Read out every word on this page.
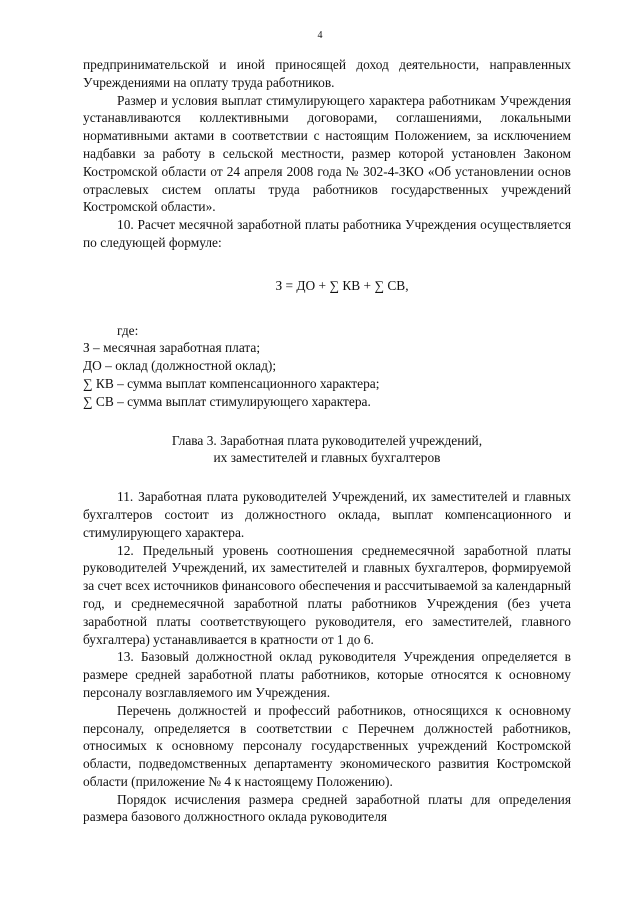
4

предпринимательской и иной приносящей доход деятельности, направленных Учреждениями на оплату труда работников.

Размер и условия выплат стимулирующего характера работникам Учреждения устанавливаются коллективными договорами, соглашениями, локальными нормативными актами в соответствии с настоящим Положением, за исключением надбавки за работу в сельской местности, размер которой установлен Законом Костромской области от 24 апреля 2008 года № 302-4-ЗКО «Об установлении основ отраслевых систем оплаты труда работников государственных учреждений Костромской области».

10. Расчет месячной заработной платы работника Учреждения осуществляется по следующей формуле:

З = ДО + ∑ КВ + ∑ СВ,

где:

З – месячная заработная плата;

ДО – оклад (должностной оклад);

∑ КВ – сумма выплат компенсационного характера;

∑ СВ – сумма выплат стимулирующего характера.

Глава 3. Заработная плата руководителей учреждений,
их заместителей и главных бухгалтеров

11. Заработная плата руководителей Учреждений, их заместителей и главных бухгалтеров состоит из должностного оклада, выплат компенсационного и стимулирующего характера.

12. Предельный уровень соотношения среднемесячной заработной платы руководителей Учреждений, их заместителей и главных бухгалтеров, формируемой за счет всех источников финансового обеспечения и рассчитываемой за календарный год, и среднемесячной заработной платы работников Учреждения (без учета заработной платы соответствующего руководителя, его заместителей, главного бухгалтера) устанавливается в кратности от 1 до 6.

13. Базовый должностной оклад руководителя Учреждения определяется в размере средней заработной платы работников, которые относятся к основному персоналу возглавляемого им Учреждения.

Перечень должностей и профессий работников, относящихся к основному персоналу, определяется в соответствии с Перечнем должностей работников, относимых к основному персоналу государственных учреждений Костромской области, подведомственных департаменту экономического развития Костромской области (приложение № 4 к настоящему Положению).

Порядок исчисления размера средней заработной платы для определения размера базового должностного оклада руководителя
